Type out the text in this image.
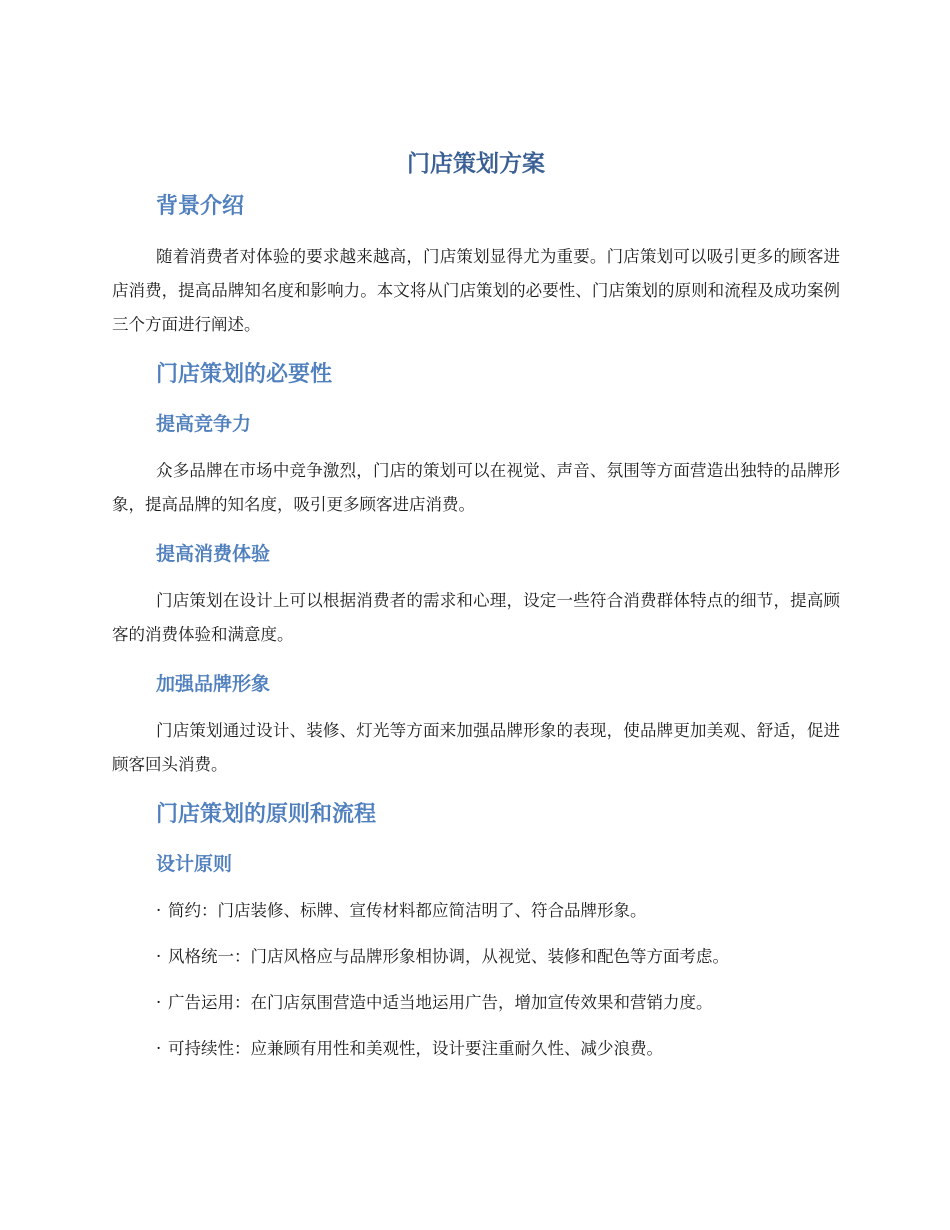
门店策划方案
背景介绍

随着消费者对体验的要求越来越高，门店策划显得尤为重要。门店策划可以吸引更多的顾客进店消费，提高品牌知名度和影响力。本文将从门店策划的必要性、门店策划的原则和流程及成功案例三个方面进行阐述。

门店策划的必要性
提高竞争力

众多品牌在市场中竞争激烈，门店的策划可以在视觉、声音、氛围等方面营造出独特的品牌形象，提高品牌的知名度，吸引更多顾客进店消费。

提高消费体验

门店策划在设计上可以根据消费者的需求和心理，设定一些符合消费群体特点的细节，提高顾客的消费体验和满意度。

加强品牌形象

门店策划通过设计、装修、灯光等方面来加强品牌形象的表现，使品牌更加美观、舒适，促进顾客回头消费。

门店策划的原则和流程
设计原则

· 简约：门店装修、标牌、宣传材料都应简洁明了、符合品牌形象。

· 风格统一：门店风格应与品牌形象相协调，从视觉、装修和配色等方面考虑。

· 广告运用：在门店氛围营造中适当地运用广告，增加宣传效果和营销力度。

· 可持续性：应兼顾有用性和美观性，设计要注重耐久性、减少浪费。
